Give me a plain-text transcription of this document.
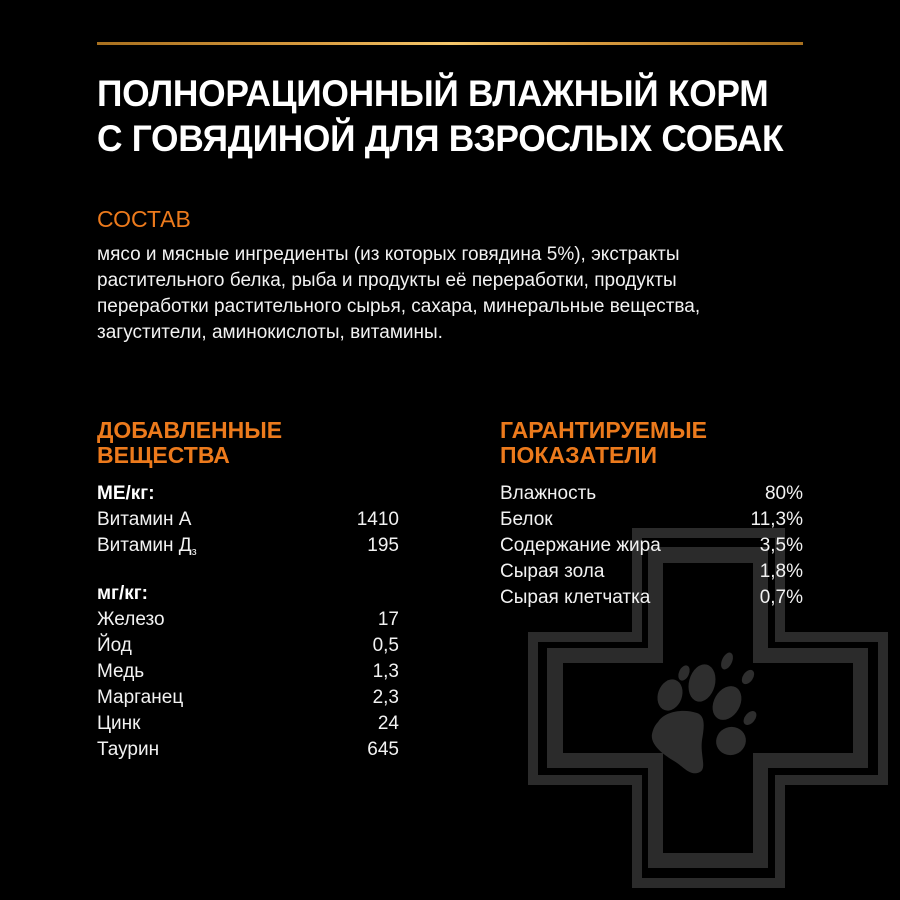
ПОЛНОРАЦИОННЫЙ ВЛАЖНЫЙ КОРМ
С ГОВЯДИНОЙ ДЛЯ ВЗРОСЛЫХ СОБАК
СОСТАВ
мясо и мясные ингредиенты (из которых говядина 5%), экстракты
растительного белка, рыба и продукты её переработки, продукты
переработки растительного сырья, сахара, минеральные вещества,
загустители, аминокислоты, витамины.
ДОБАВЛЕННЫЕ
ВЕЩЕСТВА
ГАРАНТИРУЕМЫЕ
ПОКАЗАТЕЛИ
МЕ/кг:
Витамин А	1410
Витамин $Д_з$	195
мг/кг:
Железо	17
Йод	0,5
Медь	1,3
Марганец	2,3
Цинк	24
Таурин	645
Влажность	80%
Белок	11,3%
Содержание жира	3,5%
Сырая зола	1,8%
Сырая клетчатка	0,7%
